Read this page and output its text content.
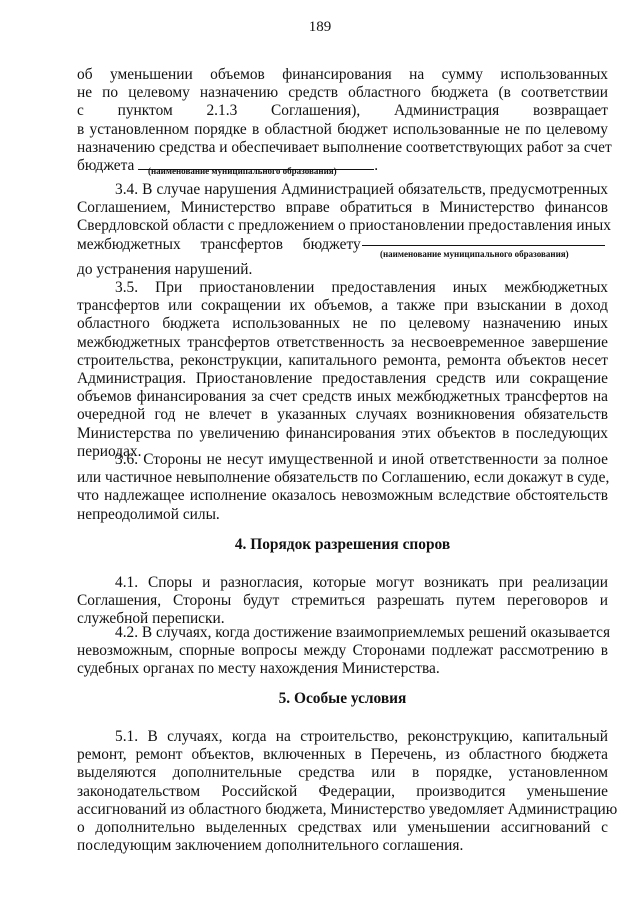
189
об уменьшении объемов финансирования на сумму использованных
не по целевому назначению средств областного бюджета (в соответствии
с пунктом 2.1.3 Соглашения), Администрация возвращает
в установленном порядке в областной бюджет использованные не по целевому
назначению средства и обеспечивает выполнение соответствующих работ за счет
бюджета	.
(наименование муниципального образования)
3.4. В случае нарушения Администрацией обязательств, предусмотренных
Соглашением, Министерство вправе обратиться в Министерство финансов
Свердловской области с предложением о приостановлении предоставления иных
межбюджетных трансфертов бюджету
(наименование муниципального образования)
до устранения нарушений.
3.5. При приостановлении предоставления иных межбюджетных
трансфертов или сокращении их объемов, а также при взыскании в доход
областного бюджета использованных не по целевому назначению иных
межбюджетных трансфертов ответственность за несвоевременное завершение
строительства, реконструкции, капитального ремонта, ремонта объектов несет
Администрация. Приостановление предоставления средств или сокращение
объемов финансирования за счет средств иных межбюджетных трансфертов на
очередной год не влечет в указанных случаях возникновения обязательств
Министерства по увеличению финансирования этих объектов в последующих
периодах.
3.6. Стороны не несут имущественной и иной ответственности за полное
или частичное невыполнение обязательств по Соглашению, если докажут в суде,
что надлежащее исполнение оказалось невозможным вследствие обстоятельств
непреодолимой силы.
4. Порядок разрешения споров
4.1. Споры и разногласия, которые могут возникать при реализации
Соглашения, Стороны будут стремиться разрешать путем переговоров и
служебной переписки.
4.2. В случаях, когда достижение взаимоприемлемых решений оказывается
невозможным, спорные вопросы между Сторонами подлежат рассмотрению в
судебных органах по месту нахождения Министерства.
5. Особые условия
5.1. В случаях, когда на строительство, реконструкцию, капитальный
ремонт, ремонт объектов, включенных в Перечень, из областного бюджета
выделяются дополнительные средства или в порядке, установленном
законодательством Российской Федерации, производится уменьшение
ассигнований из областного бюджета, Министерство уведомляет Администрацию
о дополнительно выделенных средствах или уменьшении ассигнований с
последующим заключением дополнительного соглашения.
